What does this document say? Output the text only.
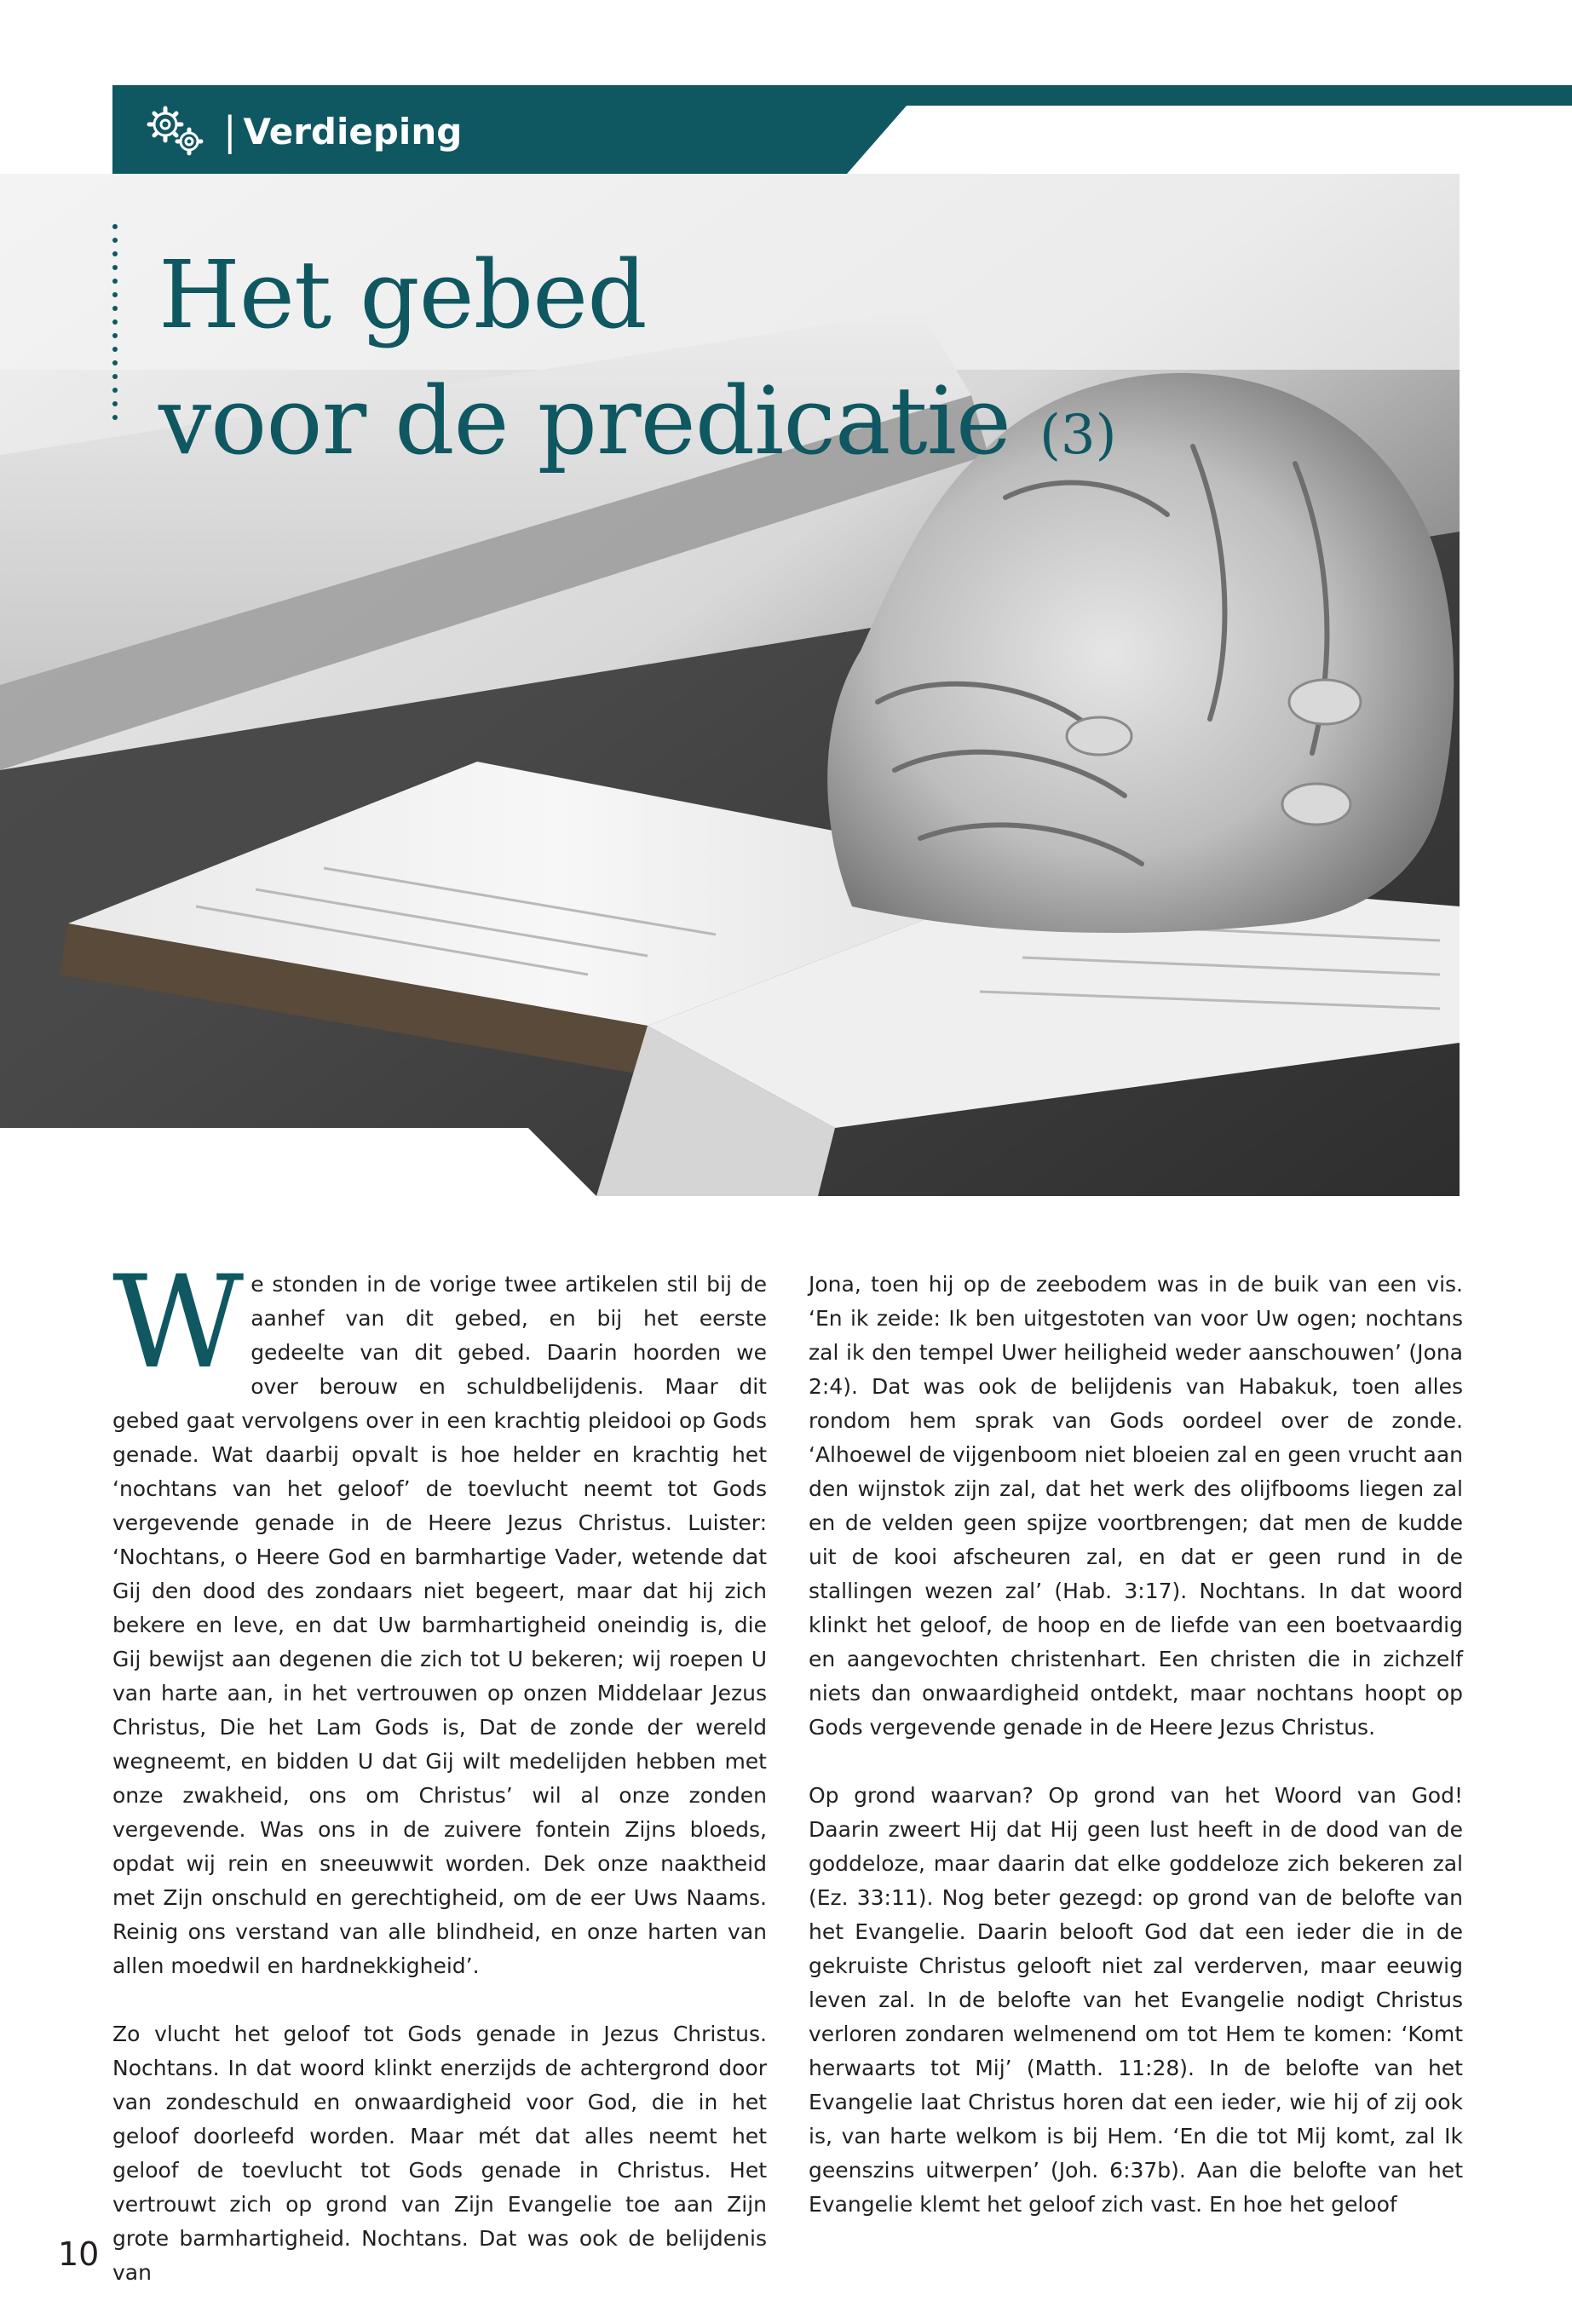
| Verdieping
Het gebed
voor de predicatie (3)

We stonden in de vorige twee artikelen stil bij de aanhef van dit gebed, en bij het eerste gedeelte van dit gebed. Daarin hoorden we over berouw en schuldbelijdenis. Maar dit gebed gaat vervolgens over in een krachtig pleidooi op Gods genade. Wat daarbij opvalt is hoe helder en krachtig het ‘nochtans van het geloof’ de toevlucht neemt tot Gods vergevende genade in de Heere Jezus Christus. Luister: ‘Nochtans, o Heere God en barmhartige Vader, wetende dat Gij den dood des zondaars niet begeert, maar dat hij zich bekere en leve, en dat Uw barmhartigheid oneindig is, die Gij bewijst aan degenen die zich tot U bekeren; wij roepen U van harte aan, in het vertrouwen op onzen Middelaar Jezus Christus, Die het Lam Gods is, Dat de zonde der wereld wegneemt, en bidden U dat Gij wilt medelijden hebben met onze zwakheid, ons om Christus’ wil al onze zonden vergevende. Was ons in de zuivere fontein Zijns bloeds, opdat wij rein en sneeuwwit worden. Dek onze naaktheid met Zijn onschuld en gerechtigheid, om de eer Uws Naams. Reinig ons verstand van alle blindheid, en onze harten van allen moedwil en hardnekkigheid’.

Zo vlucht het geloof tot Gods genade in Jezus Christus. Nochtans. In dat woord klinkt enerzijds de achtergrond door van zondeschuld en onwaardigheid voor God, die in het geloof doorleefd worden. Maar mét dat alles neemt het geloof de toevlucht tot Gods genade in Christus. Het vertrouwt zich op grond van Zijn Evangelie toe aan Zijn grote barmhartigheid. Nochtans. Dat was ook de belijdenis van

Jona, toen hij op de zeebodem was in de buik van een vis. ‘En ik zeide: Ik ben uitgestoten van voor Uw ogen; nochtans zal ik den tempel Uwer heiligheid weder aanschouwen’ (Jona 2:4). Dat was ook de belijdenis van Habakuk, toen alles rondom hem sprak van Gods oordeel over de zonde. ‘Alhoewel de vijgenboom niet bloeien zal en geen vrucht aan den wijnstok zijn zal, dat het werk des olijfbooms liegen zal en de velden geen spijze voortbrengen; dat men de kudde uit de kooi afscheuren zal, en dat er geen rund in de stallingen wezen zal’ (Hab. 3:17). Nochtans. In dat woord klinkt het geloof, de hoop en de liefde van een boetvaardig en aangevochten christenhart. Een christen die in zichzelf niets dan onwaardigheid ontdekt, maar nochtans hoopt op Gods vergevende genade in de Heere Jezus Christus.

Op grond waarvan? Op grond van het Woord van God! Daarin zweert Hij dat Hij geen lust heeft in de dood van de goddeloze, maar daarin dat elke goddeloze zich bekeren zal (Ez. 33:11). Nog beter gezegd: op grond van de belofte van het Evangelie. Daarin belooft God dat een ieder die in de gekruiste Christus gelooft niet zal verderven, maar eeuwig leven zal. In de belofte van het Evangelie nodigt Christus verloren zondaren welmenend om tot Hem te komen: ‘Komt herwaarts tot Mij’ (Matth. 11:28). In de belofte van het Evangelie laat Christus horen dat een ieder, wie hij of zij ook is, van harte welkom is bij Hem. ‘En die tot Mij komt, zal Ik geenszins uitwerpen’ (Joh. 6:37b). Aan die belofte van het Evangelie klemt het geloof zich vast. En hoe het geloof

10
